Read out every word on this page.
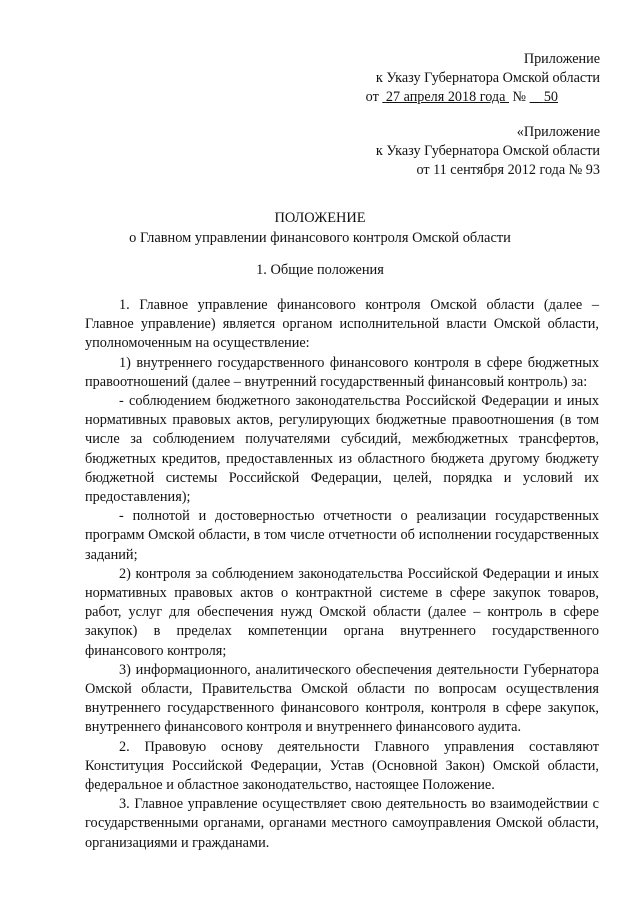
Приложение
к Указу Губернатора Омской области
от 27 апреля 2018 года № 50
«Приложение
к Указу Губернатора Омской области
от 11 сентября 2012 года № 93
ПОЛОЖЕНИЕ
о Главном управлении финансового контроля Омской области
1. Общие положения

1. Главное управление финансового контроля Омской области (далее – Главное управление) является органом исполнительной власти Омской области, уполномоченным на осуществление:

1) внутреннего государственного финансового контроля в сфере бюджетных правоотношений (далее – внутренний государственный финансовый контроль) за:

- соблюдением бюджетного законодательства Российской Федерации и иных нормативных правовых актов, регулирующих бюджетные правоотношения (в том числе за соблюдением получателями субсидий, межбюджетных трансфертов, бюджетных кредитов, предоставленных из областного бюджета другому бюджету бюджетной системы Российской Федерации, целей, порядка и условий их предоставления);

- полнотой и достоверностью отчетности о реализации государственных программ Омской области, в том числе отчетности об исполнении государственных заданий;

2) контроля за соблюдением законодательства Российской Федерации и иных нормативных правовых актов о контрактной системе в сфере закупок товаров, работ, услуг для обеспечения нужд Омской области (далее – контроль в сфере закупок) в пределах компетенции органа внутреннего государственного финансового контроля;

3) информационного, аналитического обеспечения деятельности Губернатора Омской области, Правительства Омской области по вопросам осуществления внутреннего государственного финансового контроля, контроля в сфере закупок, внутреннего финансового контроля и внутреннего финансового аудита.

2. Правовую основу деятельности Главного управления составляют Конституция Российской Федерации, Устав (Основной Закон) Омской области, федеральное и областное законодательство, настоящее Положение.

3. Главное управление осуществляет свою деятельность во взаимодействии с государственными органами, органами местного самоуправления Омской области, организациями и гражданами.
